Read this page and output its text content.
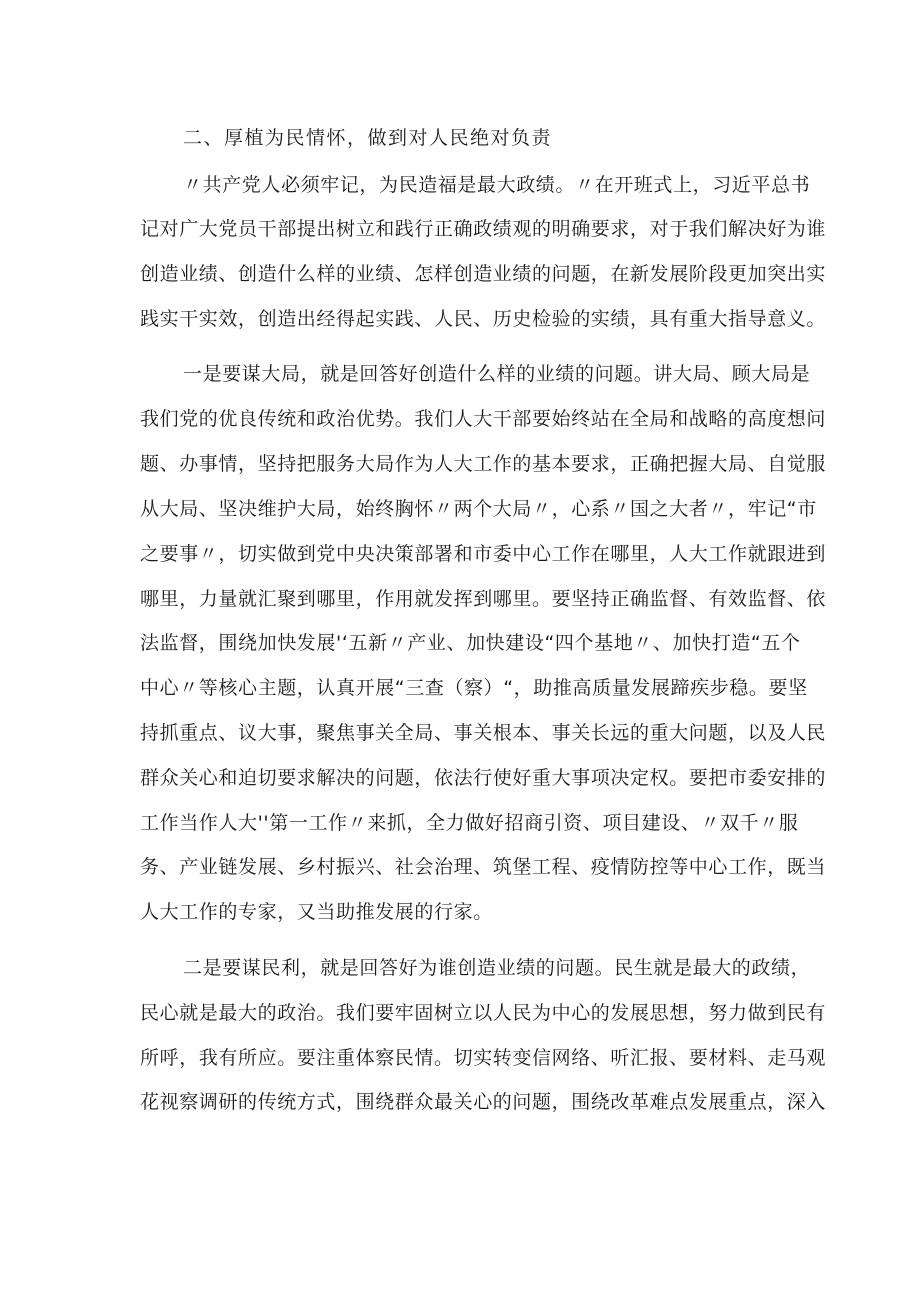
二、厚植为民情怀，做到对人民绝对负责
〃共产党人必须牢记，为民造福是最大政绩。〃在开班式上，习近平总书
记对广大党员干部提出树立和践行正确政绩观的明确要求，对于我们解决好为谁
创造业绩、创造什么样的业绩、怎样创造业绩的问题，在新发展阶段更加突出实
践实干实效，创造出经得起实践、人民、历史检验的实绩，具有重大指导意义。
一是要谋大局，就是回答好创造什么样的业绩的问题。讲大局、顾大局是
我们党的优良传统和政治优势。我们人大干部要始终站在全局和战略的高度想问
题、办事情，坚持把服务大局作为人大工作的基本要求，正确把握大局、自觉服
从大局、坚决维护大局，始终胸怀〃两个大局〃，心系〃国之大者〃，牢记“市
之要事〃，切实做到党中央决策部署和市委中心工作在哪里，人大工作就跟进到
哪里，力量就汇聚到哪里，作用就发挥到哪里。要坚持正确监督、有效监督、依
法监督，围绕加快发展'‘五新〃产业、加快建设“四个基地〃、加快打造“五个
中心〃等核心主题，认真开展“三查（察）“，助推高质量发展蹄疾步稳。要坚
持抓重点、议大事，聚焦事关全局、事关根本、事关长远的重大问题，以及人民
群众关心和迫切要求解决的问题，依法行使好重大事项决定权。要把市委安排的
工作当作人大''第一工作〃来抓，全力做好招商引资、项目建设、〃双千〃服
务、产业链发展、乡村振兴、社会治理、筑堡工程、疫情防控等中心工作，既当
人大工作的专家，又当助推发展的行家。
二是要谋民利，就是回答好为谁创造业绩的问题。民生就是最大的政绩，
民心就是最大的政治。我们要牢固树立以人民为中心的发展思想，努力做到民有
所呼，我有所应。要注重体察民情。切实转变信网络、听汇报、要材料、走马观
花视察调研的传统方式，围绕群众最关心的问题，围绕改革难点发展重点，深入
